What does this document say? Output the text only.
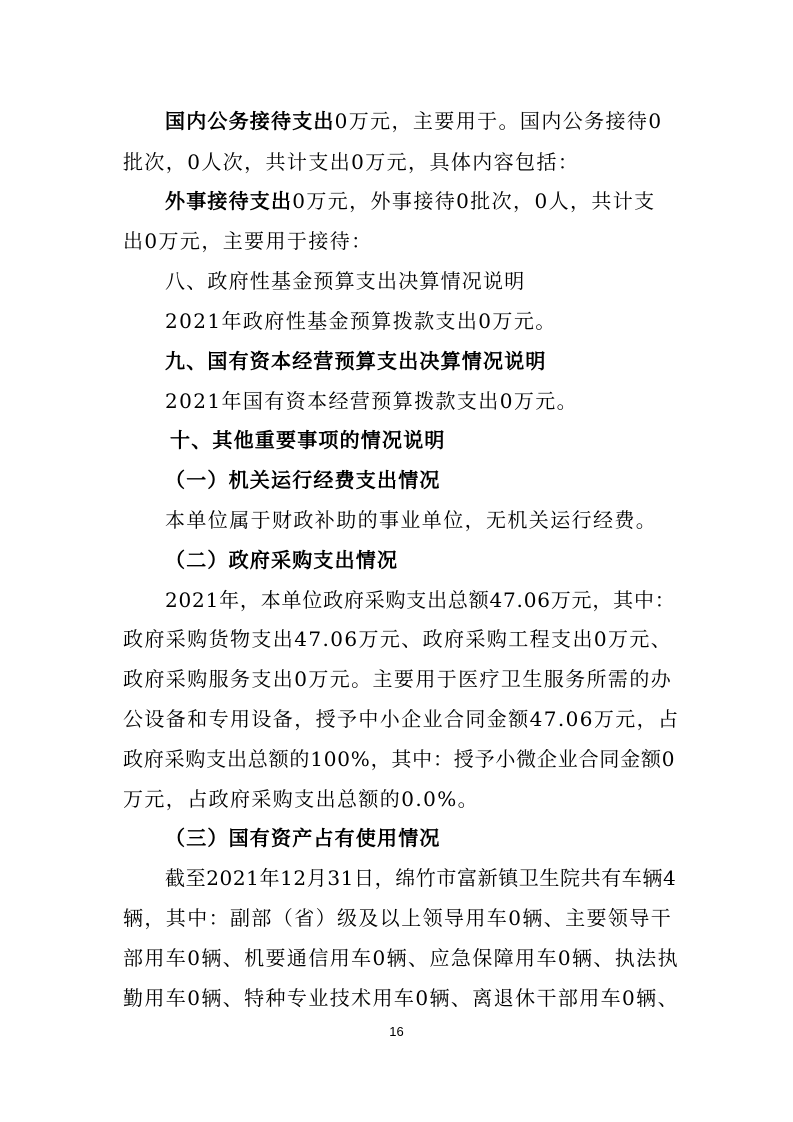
国内公务接待支出0万元，主要用于。国内公务接待0
批次，0人次，共计支出0万元，具体内容包括：
外事接待支出0万元，外事接待0批次，0人，共计支
出0万元，主要用于接待：
八、政府性基金预算支出决算情况说明
2021年政府性基金预算拨款支出0万元。
九、国有资本经营预算支出决算情况说明
2021年国有资本经营预算拨款支出0万元。
十、其他重要事项的情况说明
（一）机关运行经费支出情况
本单位属于财政补助的事业单位，无机关运行经费。
（二）政府采购支出情况
2021年，本单位政府采购支出总额47.06万元，其中：
政府采购货物支出47.06万元、政府采购工程支出0万元、
政府采购服务支出0万元。主要用于医疗卫生服务所需的办
公设备和专用设备，授予中小企业合同金额47.06万元，占
政府采购支出总额的100%，其中：授予小微企业合同金额0
万元，占政府采购支出总额的0.0%。
（三）国有资产占有使用情况
截至2021年12月31日，绵竹市富新镇卫生院共有车辆4
辆，其中：副部（省）级及以上领导用车0辆、主要领导干
部用车0辆、机要通信用车0辆、应急保障用车0辆、执法执
勤用车0辆、特种专业技术用车0辆、离退休干部用车0辆、
16
